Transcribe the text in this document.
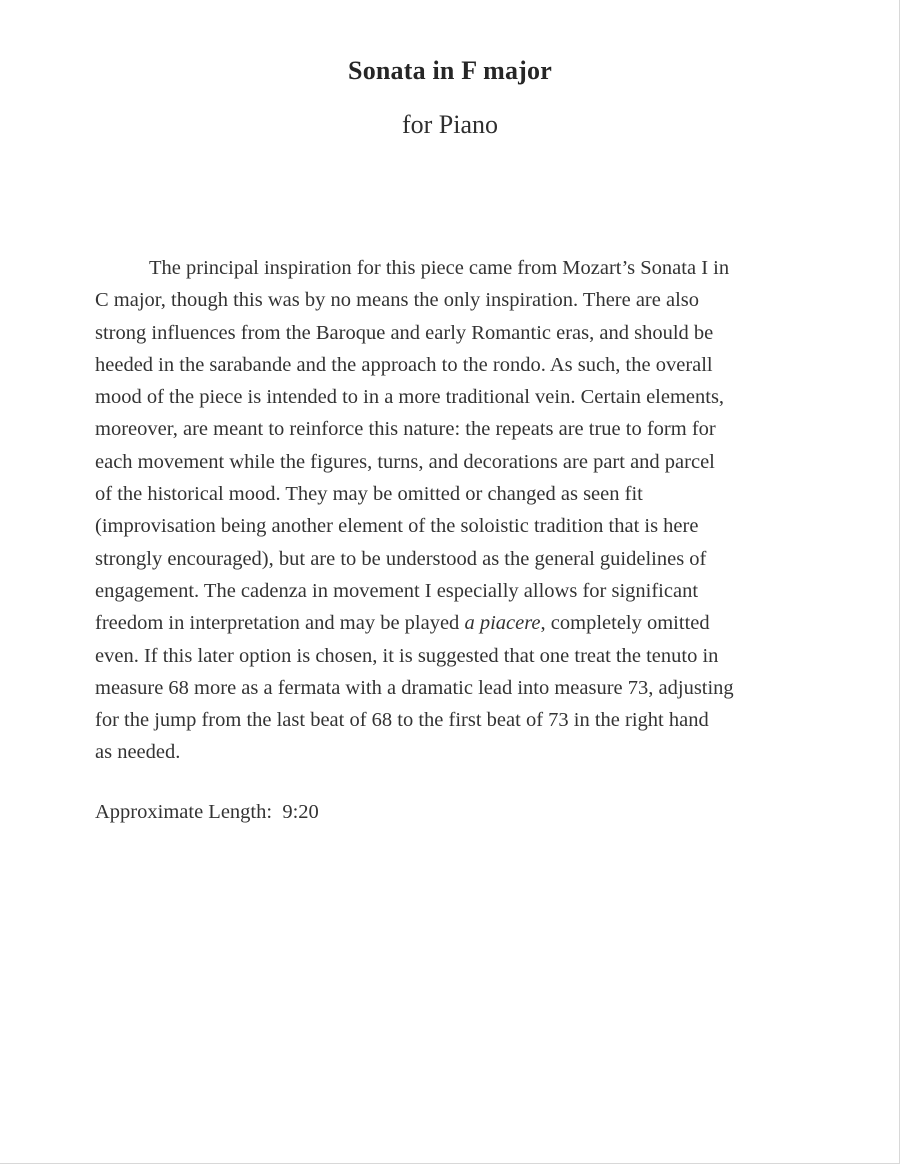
Sonata in F major
for Piano
The principal inspiration for this piece came from Mozart’s Sonata I in
C major, though this was by no means the only inspiration. There are also
strong influences from the Baroque and early Romantic eras, and should be
heeded in the sarabande and the approach to the rondo. As such, the overall
mood of the piece is intended to in a more traditional vein. Certain elements,
moreover, are meant to reinforce this nature: the repeats are true to form for
each movement while the figures, turns, and decorations are part and parcel
of the historical mood. They may be omitted or changed as seen fit
(improvisation being another element of the soloistic tradition that is here
strongly encouraged), but are to be understood as the general guidelines of
engagement. The cadenza in movement I especially allows for significant
freedom in interpretation and may be played a piacere, completely omitted
even. If this later option is chosen, it is suggested that one treat the tenuto in
measure 68 more as a fermata with a dramatic lead into measure 73, adjusting
for the jump from the last beat of 68 to the first beat of 73 in the right hand
as needed.
Approximate Length: 9:20
